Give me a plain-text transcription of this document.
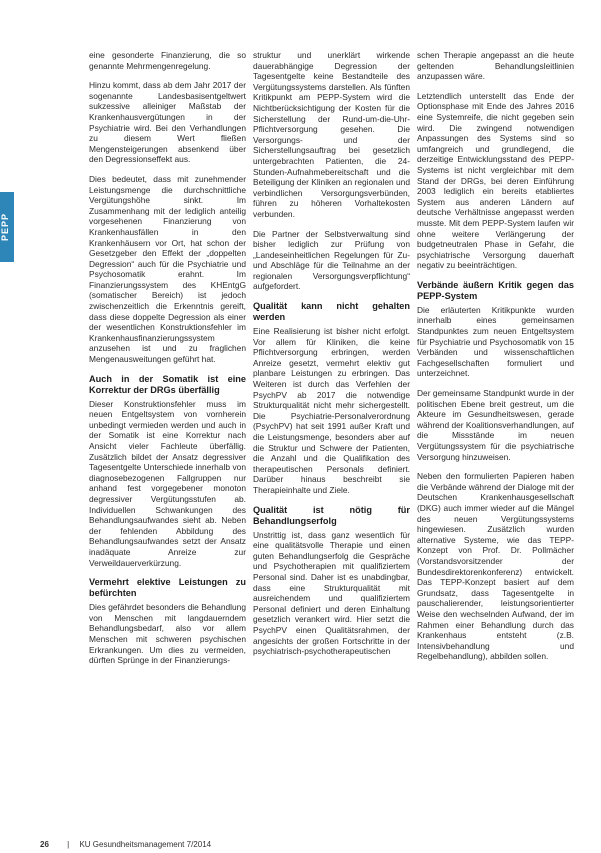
PEPP

eine gesonderte Finanzierung, die so genannte Mehrmengenregelung.

Hinzu kommt, dass ab dem Jahr 2017 der sogenannte Landesbasisentgeltwert sukzessive alleiniger Maßstab der Krankenhausvergütungen in der Psychiatrie wird. Bei den Verhandlungen zu diesem Wert fließen Mengensteigerungen absenkend über den Degressionseffekt aus.

Dies bedeutet, dass mit zunehmender Leistungsmenge die durchschnittliche Vergütungshöhe sinkt. Im Zusammenhang mit der lediglich anteilig vorgesehenen Finanzierung von Krankenhausfällen in den Krankenhäusern vor Ort, hat schon der Gesetzgeber den Effekt der „doppelten Degression“ auch für die Psychiatrie und Psychosomatik erahnt. Im Finanzierungssystem des KHEntgG (somatischer Bereich) ist jedoch zwischenzeitlich die Erkenntnis gereift, dass diese doppelte Degression als einer der wesentlichen Konstruktionsfehler im Krankenhausfinanzierungssystem anzusehen ist und zu fraglichen Mengenausweitungen geführt hat.

Auch in der Somatik ist eine Korrektur der DRGs überfällig

Dieser Konstruktionsfehler muss im neuen Entgeltsystem von vornherein unbedingt vermieden werden und auch in der Somatik ist eine Korrektur nach Ansicht vieler Fachleute überfällig. Zusätzlich bildet der Ansatz degressiver Tagesentgelte Unterschiede innerhalb von diagnosebezogenen Fallgruppen nur anhand fest vorgegebener monoton degressiver Vergütungsstufen ab. Individuellen Schwankungen des Behandlungsaufwandes sieht ab. Neben der fehlenden Abbildung des Behandlungsaufwandes setzt der Ansatz inadäquate Anreize zur Verweildauerverkürzung.

Vermehrt elektive Leistungen zu befürchten

Dies gefährdet besonders die Behandlung von Menschen mit langdauerndem Behandlungsbedarf, also vor allem Menschen mit schweren psychischen Erkrankungen. Um dies zu vermeiden, dürften Sprünge in der Finanzierungs-

struktur und unerklärt wirkende dauerabhängige Degression der Tagesentgelte keine Bestandteile des Vergütungssystems darstellen. Als fünften Kritikpunkt am PEPP-System wird die Nichtberücksichtigung der Kosten für die Sicherstellung der Rund-um-die-Uhr-Pflichtversorgung gesehen. Die Versorgungs- und der Sicherstellungsauftrag bei gesetzlich untergebrachten Patienten, die 24-Stunden-Aufnahmebereitschaft und die Beteiligung der Kliniken an regionalen und verbindlichen Versorgungsverbünden, führen zu höheren Vorhaltekosten verbunden.

Die Partner der Selbstverwaltung sind bisher lediglich zur Prüfung von „Landeseinheitlichen Regelungen für Zu- und Abschläge für die Teilnahme an der regionalen Versorgungsverpflichtung“ aufgefordert.

Qualität kann nicht gehalten werden

Eine Realisierung ist bisher nicht erfolgt. Vor allem für Kliniken, die keine Pflichtversorgung erbringen, werden Anreize gesetzt, vermehrt elektiv gut planbare Leistungen zu erbringen. Das Weiteren ist durch das Verfehlen der PsychPV ab 2017 die notwendige Strukturqualität nicht mehr sichergestellt. Die Psychiatrie-Personalverordnung (PsychPV) hat seit 1991 außer Kraft und die Leistungsmenge, besonders aber auf die Struktur und Schwere der Patienten, die Anzahl und die Qualifikation des therapeutischen Personals definiert. Darüber hinaus beschreibt sie Therapieinhalte und Ziele.

Qualität ist nötig für Behandlungserfolg

Unstrittig ist, dass ganz wesentlich für eine qualitätsvolle Therapie und einen guten Behandlungserfolg die Gespräche und Psychotherapien mit qualifiziertem Personal sind. Daher ist es unabdingbar, dass eine Strukturqualität mit ausreichendem und qualifiziertem Personal definiert und deren Einhaltung gesetzlich verankert wird. Hier setzt die PsychPV einen Qualitätsrahmen, der angesichts der großen Fortschritte in der psychiatrisch-psychotherapeutischen

schen Therapie angepasst an die heute geltenden Behandlungsleitlinien anzupassen wäre.

Letztendlich unterstellt das Ende der Optionsphase mit Ende des Jahres 2016 eine Systemreife, die nicht gegeben sein wird. Die zwingend notwendigen Anpassungen des Systems sind so umfangreich und grundlegend, die derzeitige Entwicklungsstand des PEPP-Systems ist nicht vergleichbar mit dem Stand der DRGs, bei deren Einführung 2003 lediglich ein bereits etabliertes System aus anderen Ländern auf deutsche Verhältnisse angepasst werden musste. Mit dem PEPP-System laufen wir ohne weitere Verlängerung der budgetneutralen Phase in Gefahr, die psychiatrische Versorgung dauerhaft negativ zu beeinträchtigen.

Verbände äußern Kritik gegen das PEPP-System

Die erläuterten Kritikpunkte wurden innerhalb eines gemeinsamen Standpunktes zum neuen Entgeltsystem für Psychiatrie und Psychosomatik von 15 Verbänden und wissenschaftlichen Fachgesellschaften formuliert und unterzeichnet.

Der gemeinsame Standpunkt wurde in der politischen Ebene breit gestreut, um die Akteure im Gesundheitswesen, gerade während der Koalitionsverhandlungen, auf die Missstände im neuen Vergütungssystem für die psychiatrische Versorgung hinzuweisen.

Neben den formulierten Papieren haben die Verbände während der Dialoge mit der Deutschen Krankenhausgesellschaft (DKG) auch immer wieder auf die Mängel des neuen Vergütungssystems hingewiesen. Zusätzlich wurden alternative Systeme, wie das TEPP-Konzept von Prof. Dr. Pollmächer (Vorstandsvorsitzender der Bundesdirektorenkonferenz) entwickelt. Das TEPP-Konzept basiert auf dem Grundsatz, dass Tagesentgelte in pauschalierender, leistungsorientierter Weise den wechselnden Aufwand, der im Rahmen einer Behandlung durch das Krankenhaus entsteht (z.B. Intensivbehandlung und Regelbehandlung), abbilden sollen.

26 | KU Gesundheitsmanagement 7/2014
